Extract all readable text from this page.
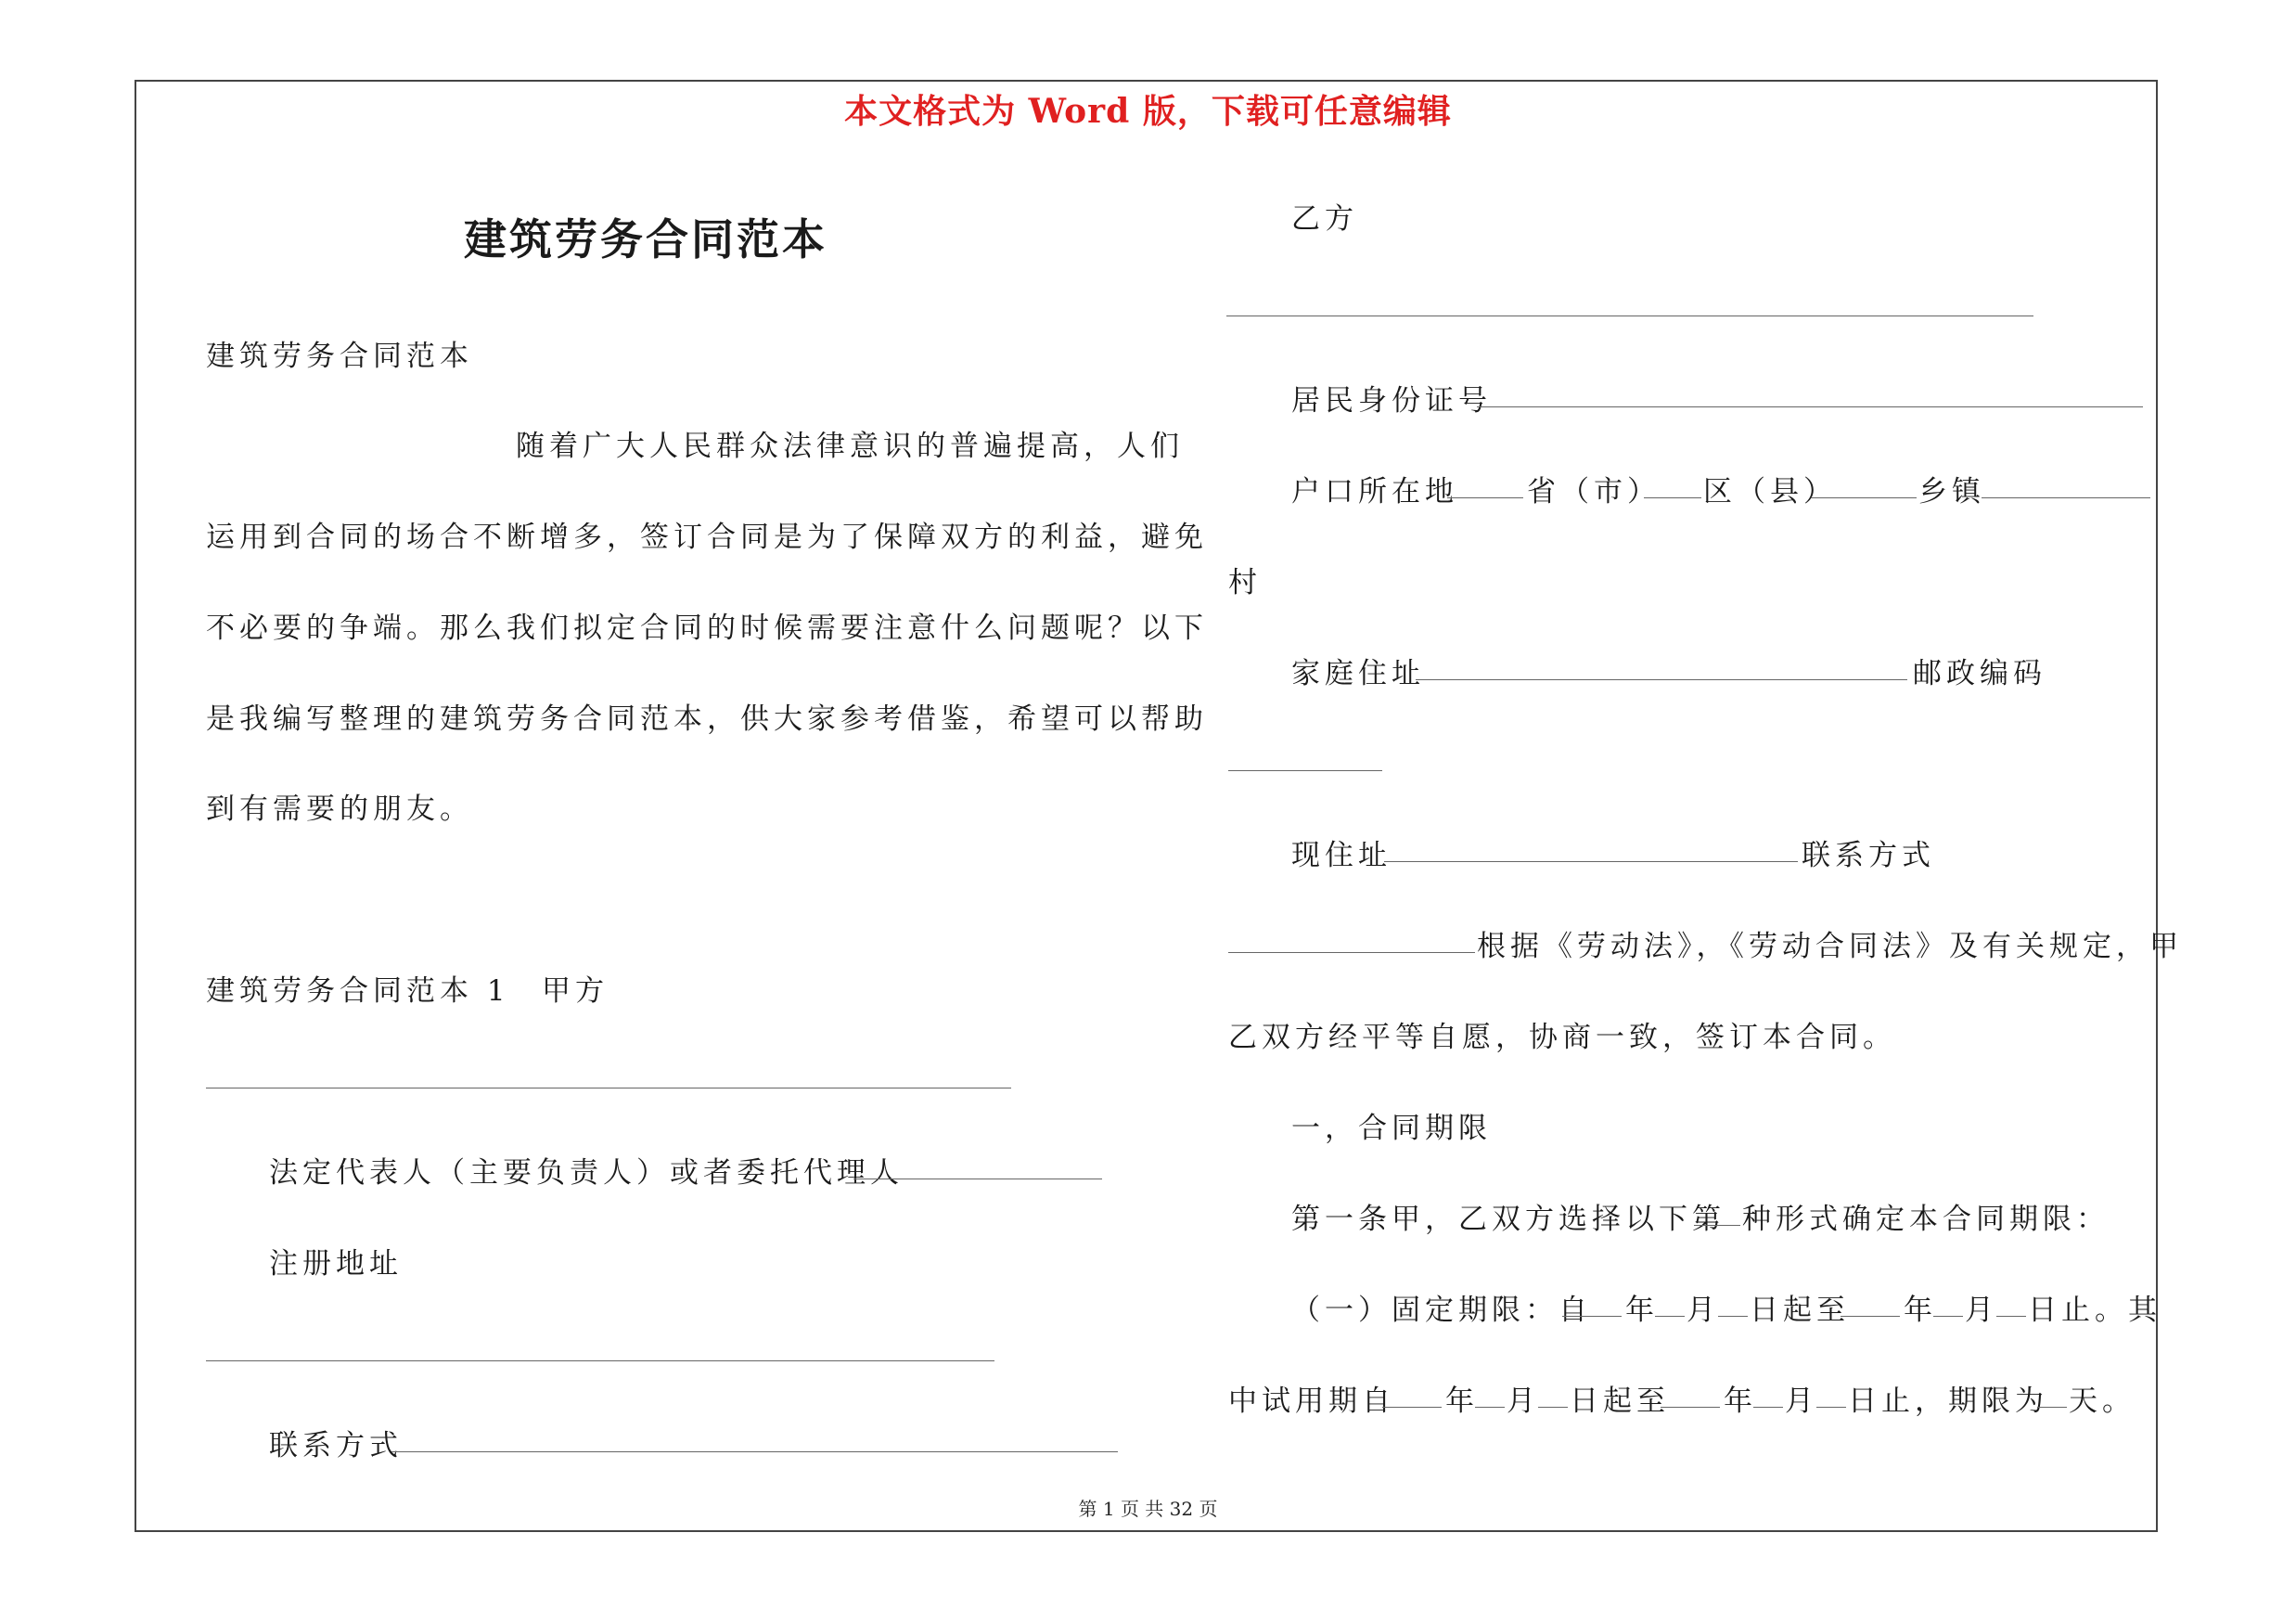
本文格式为 Word 版，下载可任意编辑
建筑劳务合同范本
建筑劳务合同范本
随着广大人民群众法律意识的普遍提高，人们
运用到合同的场合不断增多，签订合同是为了保障双方的利益，避免
不必要的争端。那么我们拟定合同的时候需要注意什么问题呢？以下
是我编写整理的建筑劳务合同范本，供大家参考借鉴，希望可以帮助
到有需要的朋友。
建筑劳务合同范本 1 甲方
法定代表人（主要负责人）或者委托代理人
注册地址
联系方式
乙方
居民身份证号
户口所在地 省（市） 区（县）	乡镇
村
家庭住址	邮政编码
现住址	联系方式
根据《劳动法》，《劳动合同法》及有关规定，甲
乙双方经平等自愿，协商一致，签订本合同。
一，合同期限
第一条甲，乙双方选择以下第 种形式确定本合同期限：
（一）固定期限：自 年 月 日起至 年 月 日止。其
中试用期自 年 月 日起至 年 月 日止，期限为 天。
第 1 页 共 32 页
